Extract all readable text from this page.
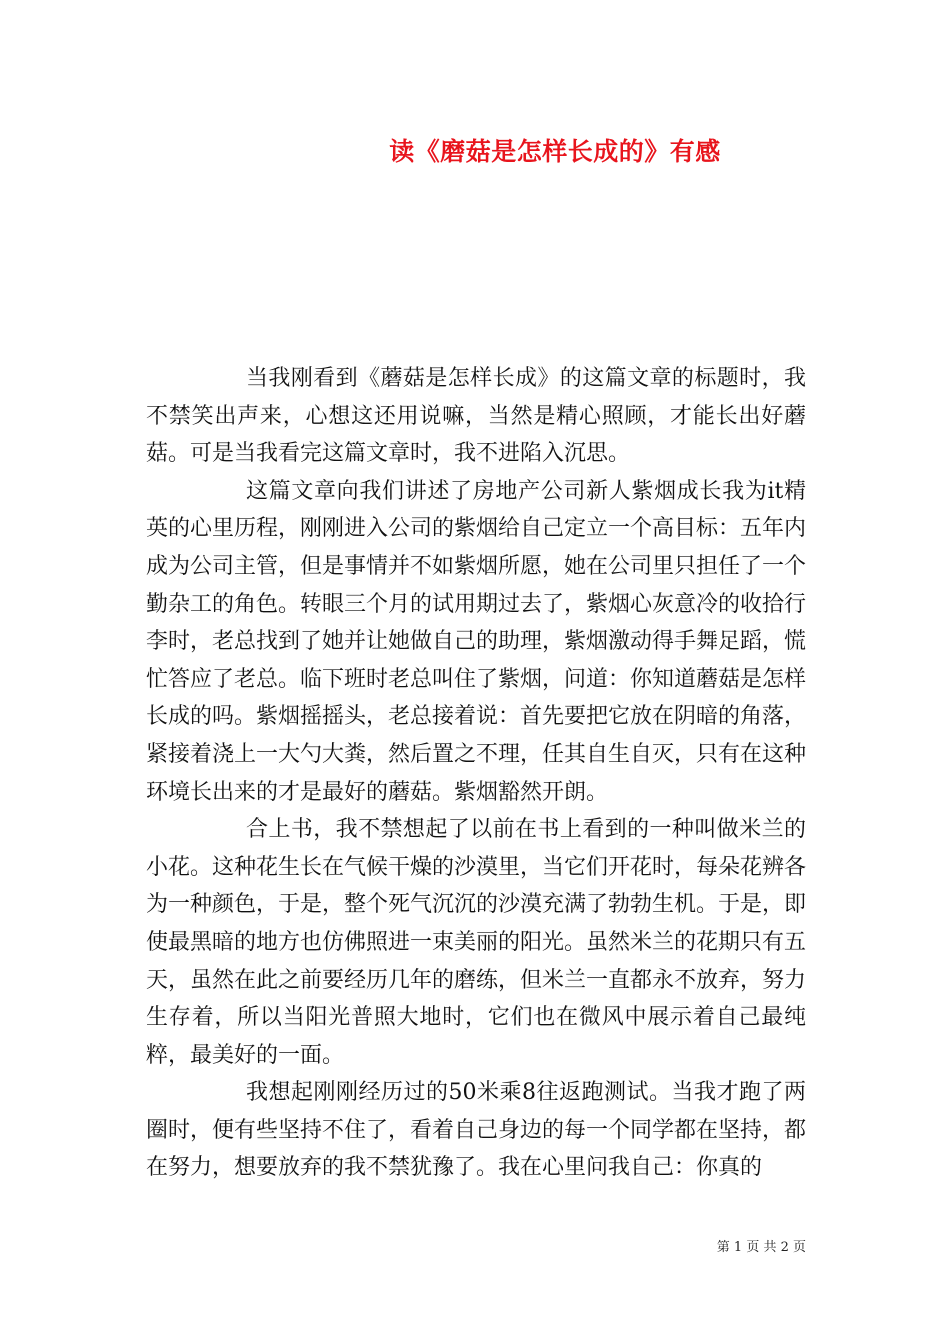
读《磨菇是怎样长成的》有感

当我刚看到《蘑菇是怎样长成》的这篇文章的标题时，我不禁笑出声来，心想这还用说嘛，当然是精心照顾，才能长出好蘑菇。可是当我看完这篇文章时，我不进陷入沉思。

这篇文章向我们讲述了房地产公司新人紫烟成长我为it精英的心里历程，刚刚进入公司的紫烟给自己定立一个高目标：五年内成为公司主管，但是事情并不如紫烟所愿，她在公司里只担任了一个勤杂工的角色。转眼三个月的试用期过去了，紫烟心灰意冷的收拾行李时，老总找到了她并让她做自己的助理，紫烟激动得手舞足蹈，慌忙答应了老总。临下班时老总叫住了紫烟，问道：你知道蘑菇是怎样长成的吗。紫烟摇摇头，老总接着说：首先要把它放在阴暗的角落，紧接着浇上一大勺大粪，然后置之不理，任其自生自灭，只有在这种环境长出来的才是最好的蘑菇。紫烟豁然开朗。

合上书，我不禁想起了以前在书上看到的一种叫做米兰的小花。这种花生长在气候干燥的沙漠里，当它们开花时，每朵花辨各为一种颜色，于是，整个死气沉沉的沙漠充满了勃勃生机。于是，即使最黑暗的地方也仿佛照进一束美丽的阳光。虽然米兰的花期只有五天，虽然在此之前要经历几年的磨练，但米兰一直都永不放弃，努力生存着，所以当阳光普照大地时，它们也在微风中展示着自己最纯粹，最美好的一面。

我想起刚刚经历过的50米乘8往返跑测试。当我才跑了两圈时，便有些坚持不住了，看着自己身边的每一个同学都在坚持，都在努力，想要放弃的我不禁犹豫了。我在心里问我自己：你真的

第 1 页 共 2 页
